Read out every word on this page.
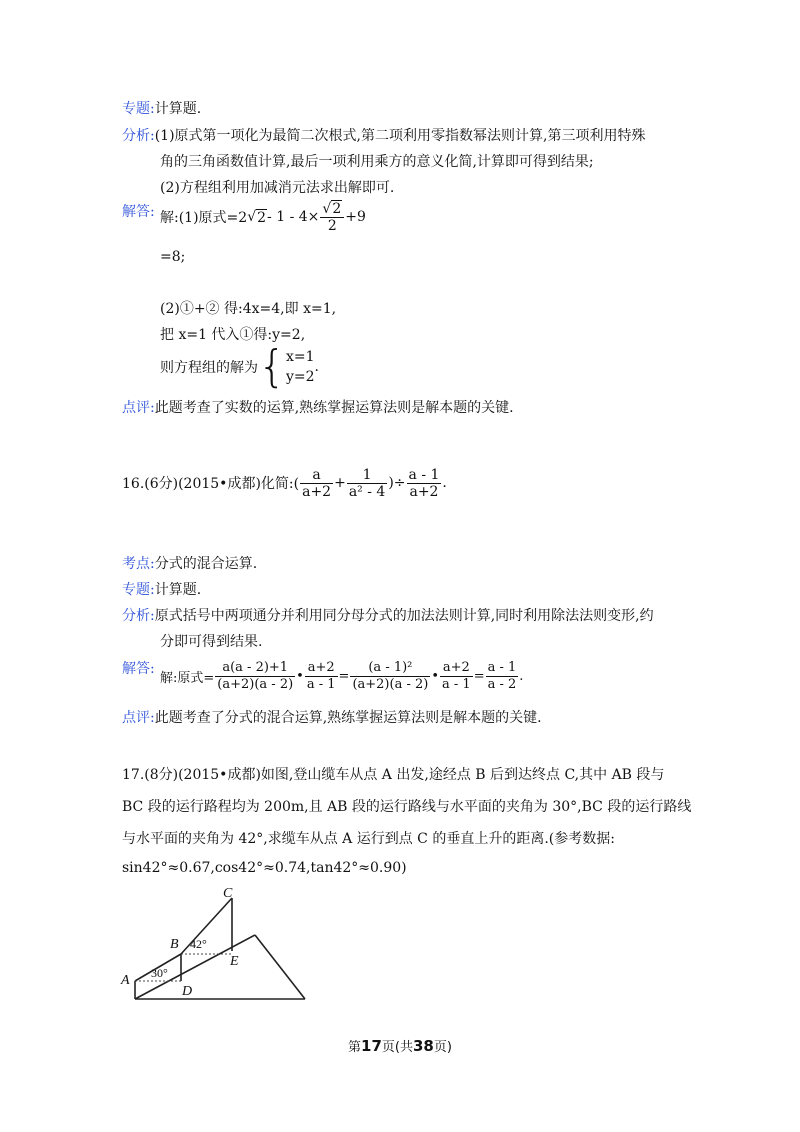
专题:计算题.
分析:(1)原式第一项化为最简二次根式,第二项利用零指数幂法则计算,第三项利用特殊
角的三角函数值计算,最后一项利用乘方的意义化简,计算即可得到结果;
(2)方程组利用加减消元法求出解即可.
解答: 解:(1)原式=2 √ $2 - 1 - 4\times \frac{√2}{2} +9$
=8;
(2)①+② 得:4x=4,即 x=1,
把 x=1 代入①得:y=2,
则方程组的解为 { x=1
y=2
.
点评:此题考查了实数的运算,熟练掌握运算法则是解本题的关键.
16.(6分)(2015•成都)化简:( $\frac{a}{a+2} + \frac{1}{\text{a² - 4}}$ )÷ $\frac{a - 1}{a+2}$ .
考点:分式的混合运算.
专题:计算题.
分析:原式括号中两项通分并利用同分母分式的加法法则计算,同时利用除法法则变形,约
分即可得到结果.
解答:
解:原式= $\frac{a(a - 2)+1}{(a+2)(a - 2)}$ • $\frac{a+2}{a - 1} = \frac{\text{(a - 1)²}}{(a+2)(a - 2)}$ • $\frac{a+2}{a - 1} = \frac{a - 1}{a - 2}$ .
点评:此题考查了分式的混合运算,熟练掌握运算法则是解本题的关键.
17.(8分)(2015•成都)如图,登山缆车从点 A 出发,途经点 B 后到达终点 C,其中 AB 段与
BC 段的运行路程均为 200m,且 AB 段的运行路线与水平面的夹角为 30°,BC 段的运行路线
与水平面的夹角为 42°,求缆车从点 A 运行到点 C 的垂直上升的距离.(参考数据:
sin42°≈0.67,cos42°≈0.74,tan42°≈0.90)
C
B
A
D
E
42°
30°
第17页(共38页)
